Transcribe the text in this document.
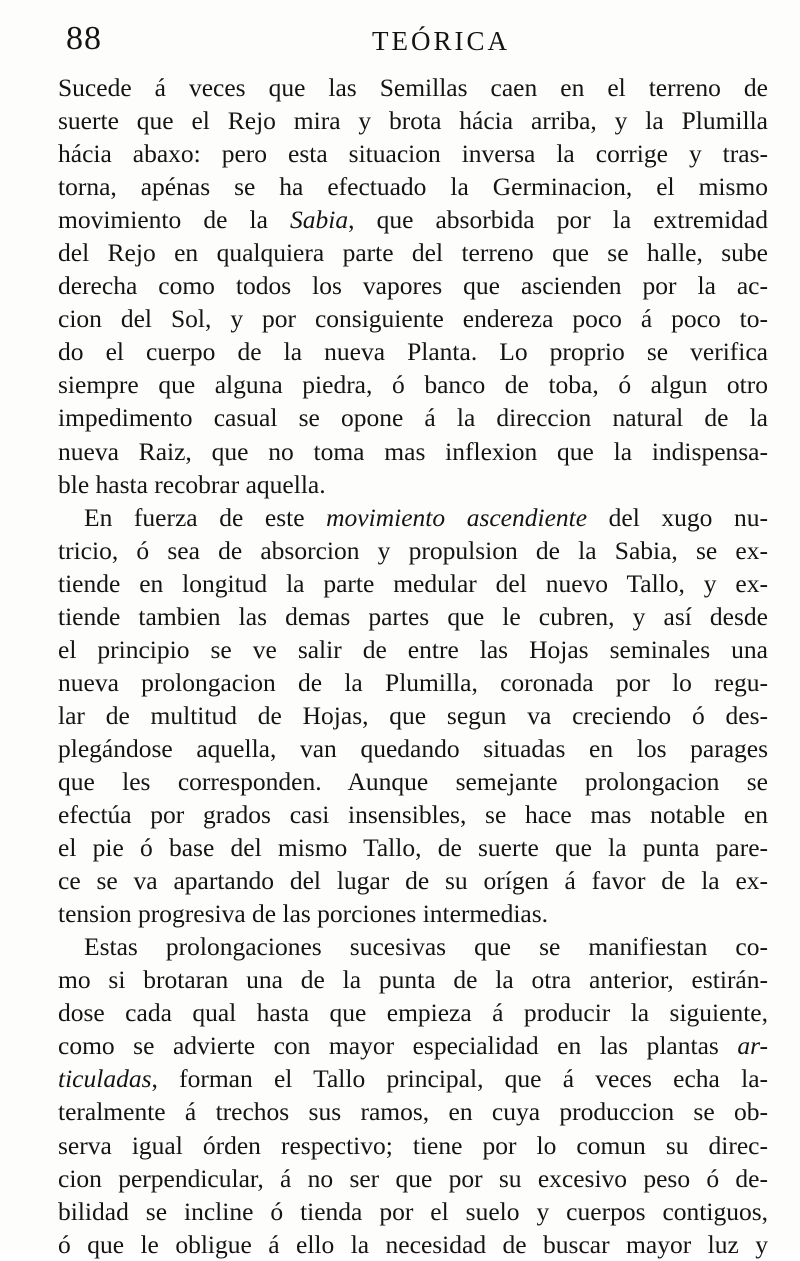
88	TEÓRICA
Sucede á veces que las Semillas caen en el terreno de
suerte que el Rejo mira y brota hácia arriba, y la Plumilla
hácia abaxo: pero esta situacion inversa la corrige y tras-
torna, apénas se ha efectuado la Germinacion, el mismo
movimiento de la Sabia, que absorbida por la extremidad
del Rejo en qualquiera parte del terreno que se halle, sube
derecha como todos los vapores que ascienden por la ac-
cion del Sol, y por consiguiente endereza poco á poco to-
do el cuerpo de la nueva Planta. Lo proprio se verifica
siempre que alguna piedra, ó banco de toba, ó algun otro
impedimento casual se opone á la direccion natural de la
nueva Raiz, que no toma mas inflexion que la indispensa-
ble hasta recobrar aquella.
En fuerza de este movimiento ascendiente del xugo nu-
tricio, ó sea de absorcion y propulsion de la Sabia, se ex-
tiende en longitud la parte medular del nuevo Tallo, y ex-
tiende tambien las demas partes que le cubren, y así desde
el principio se ve salir de entre las Hojas seminales una
nueva prolongacion de la Plumilla, coronada por lo regu-
lar de multitud de Hojas, que segun va creciendo ó des-
plegándose aquella, van quedando situadas en los parages
que les corresponden. Aunque semejante prolongacion se
efectúa por grados casi insensibles, se hace mas notable en
el pie ó base del mismo Tallo, de suerte que la punta pare-
ce se va apartando del lugar de su orígen á favor de la ex-
tension progresiva de las porciones intermedias.
Estas prolongaciones sucesivas que se manifiestan co-
mo si brotaran una de la punta de la otra anterior, estirán-
dose cada qual hasta que empieza á producir la siguiente,
como se advierte con mayor especialidad en las plantas ar-
ticuladas, forman el Tallo principal, que á veces echa la-
teralmente á trechos sus ramos, en cuya produccion se ob-
serva igual órden respectivo; tiene por lo comun su direc-
cion perpendicular, á no ser que por su excesivo peso ó de-
bilidad se incline ó tienda por el suelo y cuerpos contiguos,
ó que le obligue á ello la necesidad de buscar mayor luz y
